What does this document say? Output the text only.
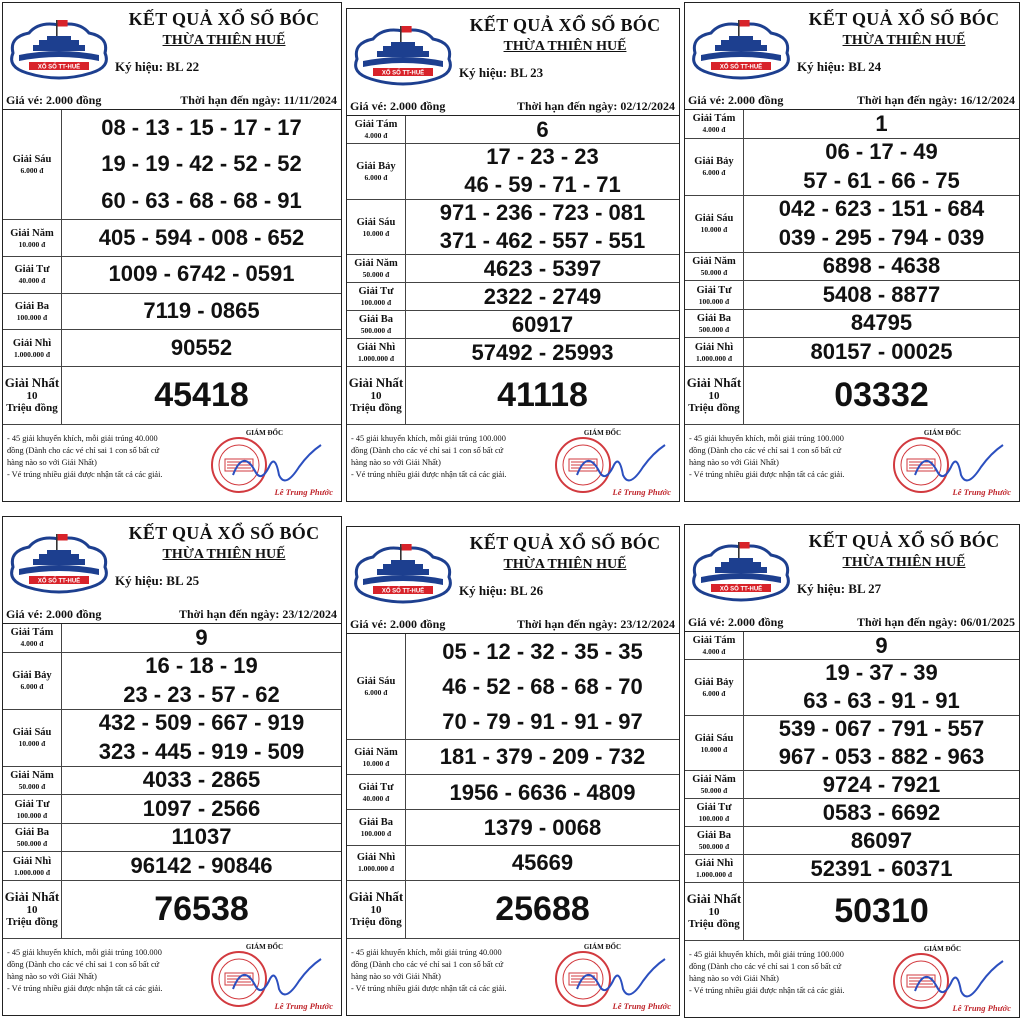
XỔ SỐ TT-HUẾ
KẾT QUẢ XỔ SỐ BÓC
THỪA THIÊN HUẾ
Ký hiệu: BL 22
Giá vé: 2.000 đồng	Thời hạn đến ngày: 11/11/2024
Giải Sáu
6.000 đ
08 - 13 - 15 - 17 - 17
19 - 19 - 42 - 52 - 52
60 - 63 - 68 - 68 - 91
Giải Năm
10.000 đ	405 - 594 - 008 - 652
Giải Tư
40.000 đ	1009 - 6742 - 0591
Giải Ba
100.000 đ	7119 - 0865
Giải Nhì
1.000.000 đ	90552
Giải Nhất
10
Triệu đồng	45418
- 45 giải khuyến khích, mỗi giải trúng 40.000
đồng (Dành cho các vé chỉ sai 1 con số bất cứ
hàng nào so với Giải Nhất)
- Vé trúng nhiều giải được nhận tất cả các giải.
GIÁM ĐỐC
Lê Trung Phước
XỔ SỐ TT-HUẾ
KẾT QUẢ XỔ SỐ BÓC
THỪA THIÊN HUẾ
Ký hiệu: BL 23
Giá vé: 2.000 đồng	Thời hạn đến ngày: 02/12/2024
Giải Tám
4.000 đ	6
Giải Bảy
6.000 đ
17 - 23 - 23
46 - 59 - 71 - 71
Giải Sáu
10.000 đ
971 - 236 - 723 - 081
371 - 462 - 557 - 551
Giải Năm
50.000 đ	4623 - 5397
Giải Tư
100.000 đ	2322 - 2749
Giải Ba
500.000 đ	60917
Giải Nhì
1.000.000 đ	57492 - 25993
Giải Nhất
10
Triệu đồng	41118
- 45 giải khuyến khích, mỗi giải trúng 100.000
đồng (Dành cho các vé chỉ sai 1 con số bất cứ
hàng nào so với Giải Nhất)
- Vé trúng nhiều giải được nhận tất cả các giải.
GIÁM ĐỐC
Lê Trung Phước
XỔ SỐ TT-HUẾ
KẾT QUẢ XỔ SỐ BÓC
THỪA THIÊN HUẾ
Ký hiệu: BL 24
Giá vé: 2.000 đồng	Thời hạn đến ngày: 16/12/2024
Giải Tám
4.000 đ	1
Giải Bảy
6.000 đ
06 - 17 - 49
57 - 61 - 66 - 75
Giải Sáu
10.000 đ
042 - 623 - 151 - 684
039 - 295 - 794 - 039
Giải Năm
50.000 đ	6898 - 4638
Giải Tư
100.000 đ	5408 - 8877
Giải Ba
500.000 đ	84795
Giải Nhì
1.000.000 đ	80157 - 00025
Giải Nhất
10
Triệu đồng	03332
- 45 giải khuyến khích, mỗi giải trúng 100.000
đồng (Dành cho các vé chỉ sai 1 con số bất cứ
hàng nào so với Giải Nhất)
- Vé trúng nhiều giải được nhận tất cả các giải.
GIÁM ĐỐC
Lê Trung Phước
XỔ SỐ TT-HUẾ
KẾT QUẢ XỔ SỐ BÓC
THỪA THIÊN HUẾ
Ký hiệu: BL 25
Giá vé: 2.000 đồng	Thời hạn đến ngày: 23/12/2024
Giải Tám
4.000 đ	9
Giải Bảy
6.000 đ
16 - 18 - 19
23 - 23 - 57 - 62
Giải Sáu
10.000 đ
432 - 509 - 667 - 919
323 - 445 - 919 - 509
Giải Năm
50.000 đ	4033 - 2865
Giải Tư
100.000 đ	1097 - 2566
Giải Ba
500.000 đ	11037
Giải Nhì
1.000.000 đ	96142 - 90846
Giải Nhất
10
Triệu đồng	76538
- 45 giải khuyến khích, mỗi giải trúng 100.000
đồng (Dành cho các vé chỉ sai 1 con số bất cứ
hàng nào so với Giải Nhất)
- Vé trúng nhiều giải được nhận tất cả các giải.
GIÁM ĐỐC
Lê Trung Phước
XỔ SỐ TT-HUẾ
KẾT QUẢ XỔ SỐ BÓC
THỪA THIÊN HUẾ
Ký hiệu: BL 26
Giá vé: 2.000 đồng	Thời hạn đến ngày: 23/12/2024
Giải Sáu
6.000 đ
05 - 12 - 32 - 35 - 35
46 - 52 - 68 - 68 - 70
70 - 79 - 91 - 91 - 97
Giải Năm
10.000 đ	181 - 379 - 209 - 732
Giải Tư
40.000 đ	1956 - 6636 - 4809
Giải Ba
100.000 đ	1379 - 0068
Giải Nhì
1.000.000 đ	45669
Giải Nhất
10
Triệu đồng	25688
- 45 giải khuyến khích, mỗi giải trúng 40.000
đồng (Dành cho các vé chỉ sai 1 con số bất cứ
hàng nào so với Giải Nhất)
- Vé trúng nhiều giải được nhận tất cả các giải.
GIÁM ĐỐC
Lê Trung Phước
XỔ SỐ TT-HUẾ
KẾT QUẢ XỔ SỐ BÓC
THỪA THIÊN HUẾ
Ký hiệu: BL 27
Giá vé: 2.000 đồng	Thời hạn đến ngày: 06/01/2025
Giải Tám
4.000 đ	9
Giải Bảy
6.000 đ
19 - 37 - 39
63 - 63 - 91 - 91
Giải Sáu
10.000 đ
539 - 067 - 791 - 557
967 - 053 - 882 - 963
Giải Năm
50.000 đ	9724 - 7921
Giải Tư
100.000 đ	0583 - 6692
Giải Ba
500.000 đ	86097
Giải Nhì
1.000.000 đ	52391 - 60371
Giải Nhất
10
Triệu đồng	50310
- 45 giải khuyến khích, mỗi giải trúng 100.000
đồng (Dành cho các vé chỉ sai 1 con số bất cứ
hàng nào so với Giải Nhất)
- Vé trúng nhiều giải được nhận tất cả các giải.
GIÁM ĐỐC
Lê Trung Phước
